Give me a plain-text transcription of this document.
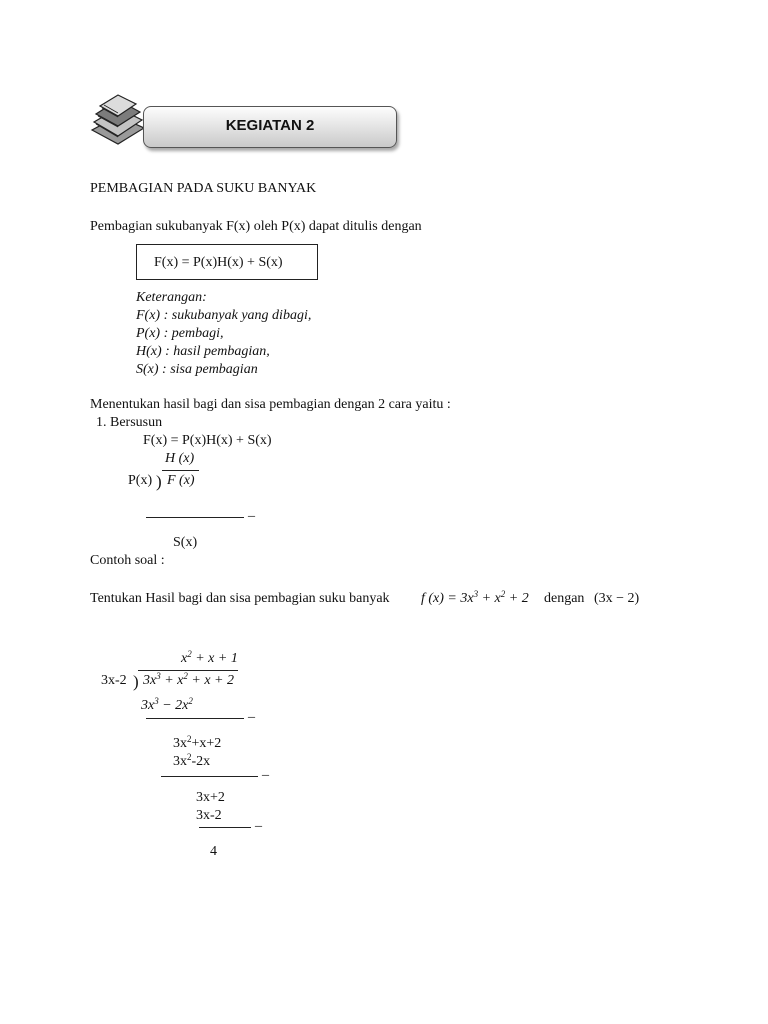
KEGIATAN 2
PEMBAGIAN PADA SUKU BANYAK
Pembagian sukubanyak F(x) oleh P(x) dapat ditulis dengan
F(x) = P(x)H(x) + S(x)
Keterangan:
F(x) : sukubanyak yang dibagi,
P(x) : pembagi,
H(x) : hasil pembagian,
S(x) : sisa pembagian
Menentukan hasil bagi dan sisa pembagian dengan 2 cara yaitu :
1. Bersusun
F(x) = P(x)H(x) + S(x)
H (x)
P(x) ) F (x)
_
S(x)
Contoh soal :
Tentukan Hasil bagi dan sisa pembagian suku banyak f $(x) = 3x^3 + x^2 + 2$ dengan (3x − 2)
$x^2 + x + 1$
3x-2 ) $3x^3 + x^2 + x + 2$
$3x^3 - 2x^2$
_
$3x^2+x+2$
$3x^2-2x$
_
3x+2
3x-2 _
4
